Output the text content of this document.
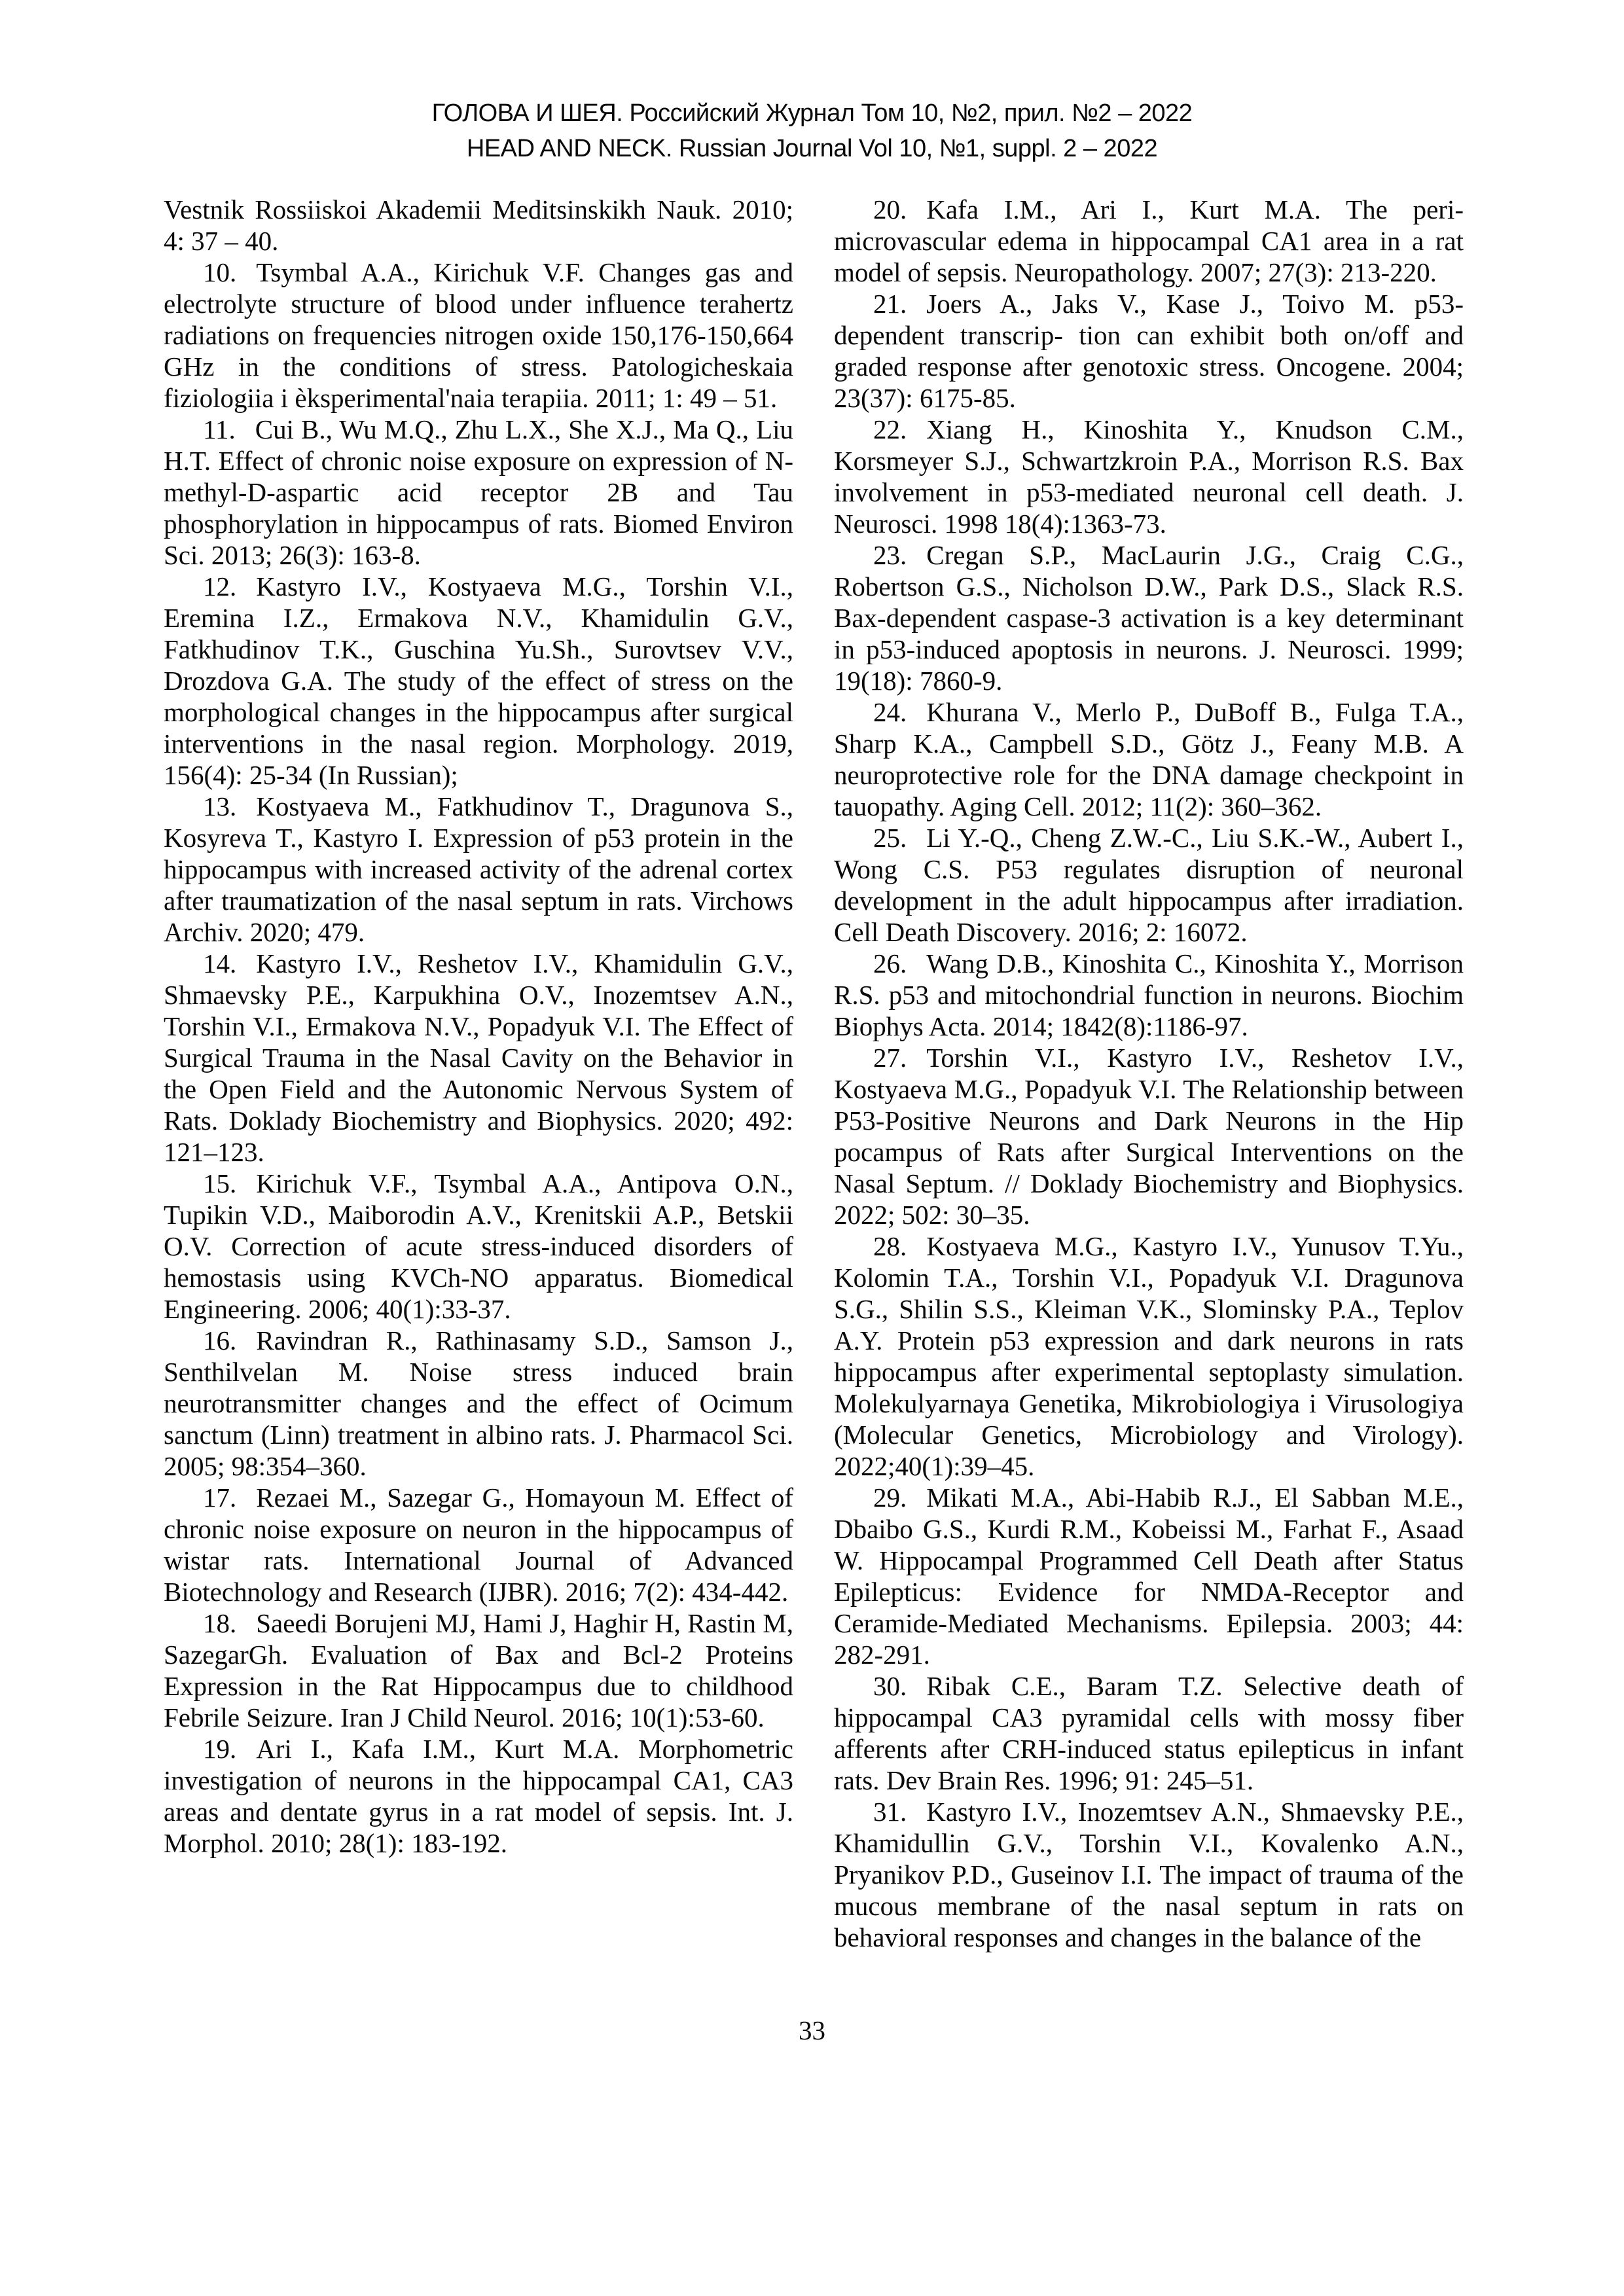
ГОЛОВА И ШЕЯ. Российский Журнал Том 10, №2, прил. №2 – 2022
HEAD AND NECK. Russian Journal Vol 10, №1, suppl. 2 – 2022

Vestnik Rossiiskoi Akademii Meditsinskikh Nauk. 2010; 4: 37 – 40.

10. Tsymbal A.A., Kirichuk V.F. Changes gas and electrolyte structure of blood under influence terahertz radiations on frequencies nitrogen oxide 150,176-150,664 GHz in the conditions of stress. Patologicheskaia fiziologiia i èksperimental'naia terapiia. 2011; 1: 49 – 51.

11. Cui B., Wu M.Q., Zhu L.X., She X.J., Ma Q., Liu H.T. Effect of chronic noise exposure on expression of N-methyl-D-aspartic acid receptor 2B and Tau phosphorylation in hippocampus of rats. Biomed Environ Sci. 2013; 26(3): 163-8.

12. Kastyro I.V., Kostyaeva M.G., Torshin V.I., Eremina I.Z., Ermakova N.V., Khamidulin G.V., Fatkhudinov T.K., Guschina Yu.Sh., Surovtsev V.V., Drozdova G.A. The study of the effect of stress on the morphological changes in the hippocampus after surgical interventions in the nasal region. Morphology. 2019, 156(4): 25-34 (In Russian);

13. Kostyaeva M., Fatkhudinov T., Dragunova S., Kosyreva T., Kastyro I. Expression of p53 protein in the hippocampus with increased activity of the adrenal cortex after traumatization of the nasal septum in rats. Virchows Archiv. 2020; 479.

14. Kastyro I.V., Reshetov I.V., Khamidulin G.V., Shmaevsky P.E., Karpukhina O.V., Inozemtsev A.N., Torshin V.I., Ermakova N.V., Popadyuk V.I. The Effect of Surgical Trauma in the Nasal Cavity on the Behavior in the Open Field and the Autonomic Nervous System of Rats. Doklady Biochemistry and Biophysics. 2020; 492: 121–123.

15. Kirichuk V.F., Tsymbal A.A., Antipova O.N., Tupikin V.D., Maiborodin A.V., Krenitskii A.P., Betskii O.V. Correction of acute stress-induced disorders of hemostasis using KVCh-NO apparatus. Biomedical Engineering. 2006; 40(1):33-37.

16. Ravindran R., Rathinasamy S.D., Samson J., Senthilvelan M. Noise stress induced brain neurotransmitter changes and the effect of Ocimum sanctum (Linn) treatment in albino rats. J. Pharmacol Sci. 2005; 98:354–360.

17. Rezaei M., Sazegar G., Homayoun M. Effect of chronic noise exposure on neuron in the hippocampus of wistar rats. International Journal of Advanced Biotechnology and Research (IJBR). 2016; 7(2): 434-442.

18. Saeedi Borujeni MJ, Hami J, Haghir H, Rastin M, SazegarGh. Evaluation of Bax and Bcl-2 Proteins Expression in the Rat Hippocampus due to childhood Febrile Seizure. Iran J Child Neurol. 2016; 10(1):53-60.

19. Ari I., Kafa I.M., Kurt M.A. Morphometric investigation of neurons in the hippocampal CA1, CA3 areas and dentate gyrus in a rat model of sepsis. Int. J. Morphol. 2010; 28(1): 183-192.

20. Kafa I.M., Ari I., Kurt M.A. The peri-microvascular edema in hippocampal CA1 area in a rat model of sepsis. Neuropathology. 2007; 27(3): 213-220.

21. Joers A., Jaks V., Kase J., Toivo M. p53-dependent transcrip- tion can exhibit both on/off and graded response after genotoxic stress. Oncogene. 2004; 23(37): 6175-85.

22. Xiang H., Kinoshita Y., Knudson C.M., Korsmeyer S.J., Schwartzkroin P.A., Morrison R.S. Bax involvement in p53-mediated neuronal cell death. J. Neurosci. 1998 18(4):1363-73.

23. Cregan S.P., MacLaurin J.G., Craig C.G., Robertson G.S., Nicholson D.W., Park D.S., Slack R.S. Bax-dependent caspase-3 activation is a key determinant in p53-induced apoptosis in neurons. J. Neurosci. 1999; 19(18): 7860-9.

24. Khurana V., Merlo P., DuBoff B., Fulga T.A., Sharp K.A., Campbell S.D., Götz J., Feany M.B. A neuroprotective role for the DNA damage checkpoint in tauopathy. Aging Cell. 2012; 11(2): 360–362.

25. Li Y.-Q., Cheng Z.W.-C., Liu S.K.-W., Aubert I., Wong C.S. P53 regulates disruption of neuronal development in the adult hippocampus after irradiation. Cell Death Discovery. 2016; 2: 16072.

26. Wang D.B., Kinoshita C., Kinoshita Y., Morrison R.S. p53 and mitochondrial function in neurons. Biochim Biophys Acta. 2014; 1842(8):1186-97.

27. Torshin V.I., Kastyro I.V., Reshetov I.V., Kostyaeva M.G., Popadyuk V.I. The Relationship between P53-Positive Neurons and Dark Neurons in the Hip pocampus of Rats after Surgical Interventions on the Nasal Septum. // Doklady Biochemistry and Biophysics. 2022; 502: 30–35.

28. Kostyaeva M.G., Kastyro I.V., Yunusov T.Yu., Kolomin T.A., Torshin V.I., Popadyuk V.I. Dragunova S.G., Shilin S.S., Kleiman V.K., Slominsky P.A., Teplov A.Y. Protein p53 expression and dark neurons in rats hippocampus after experimental septoplasty simulation. Molekulyarnaya Genetika, Mikrobiologiya i Virusologiya (Molecular Genetics, Microbiology and Virology). 2022;40(1):39–45.

29. Mikati M.A., Abi-Habib R.J., El Sabban M.E., Dbaibo G.S., Kurdi R.M., Kobeissi M., Farhat F., Asaad W. Hippocampal Programmed Cell Death after Status Epilepticus: Evidence for NMDA-Receptor and Ceramide-Mediated Mechanisms. Epilepsia. 2003; 44: 282-291.

30. Ribak C.E., Baram T.Z. Selective death of hippocampal CA3 pyramidal cells with mossy fiber afferents after CRH-induced status epilepticus in infant rats. Dev Brain Res. 1996; 91: 245–51.

31. Kastyro I.V., Inozemtsev A.N., Shmaevsky P.E., Khamidullin G.V., Torshin V.I., Kovalenko A.N., Pryanikov P.D., Guseinov I.I. The impact of trauma of the mucous membrane of the nasal septum in rats on behavioral responses and changes in the balance of the

33
